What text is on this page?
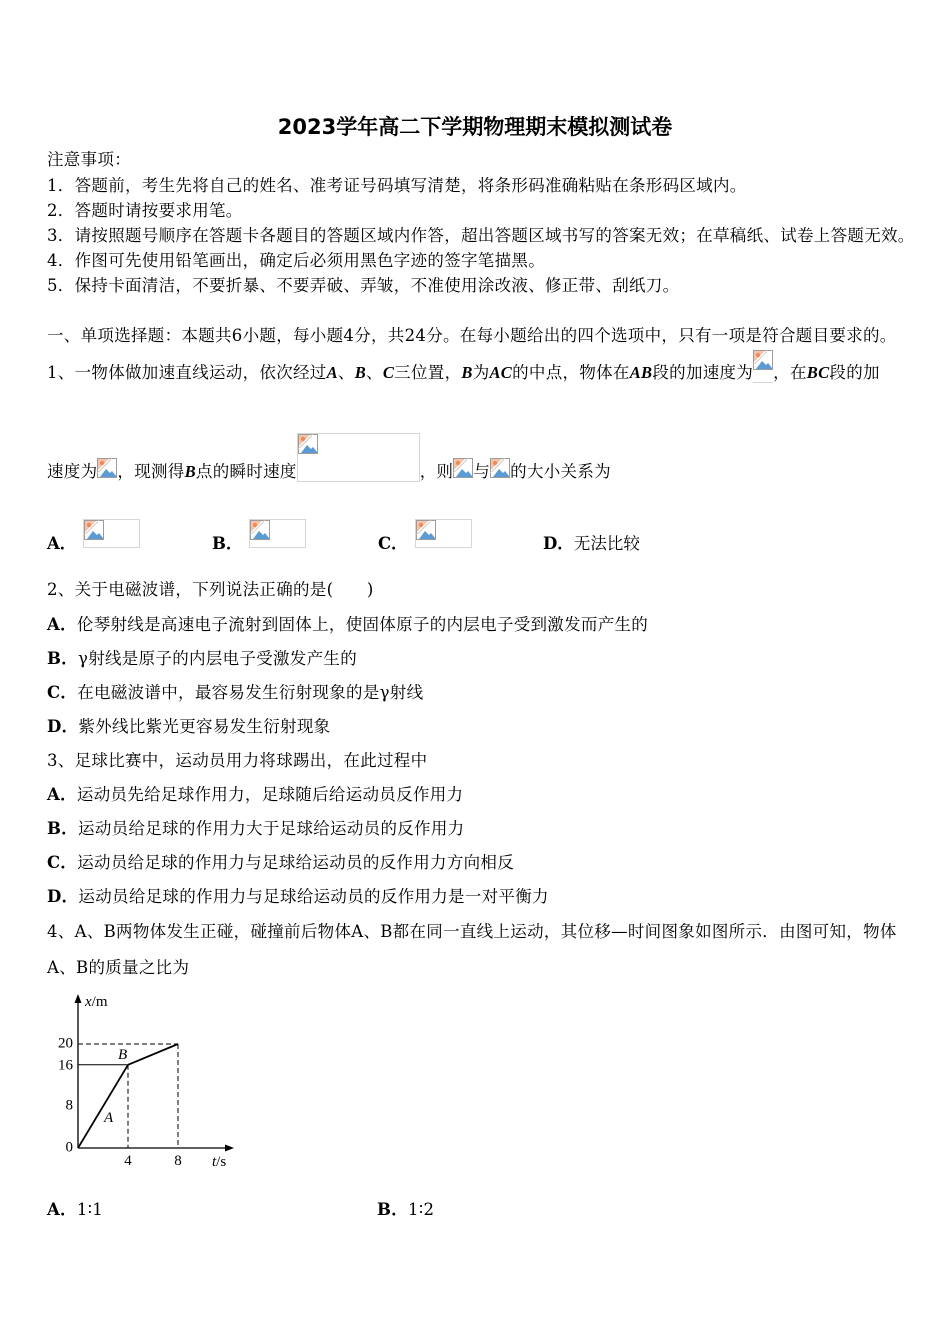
2023学年高二下学期物理期末模拟测试卷
注意事项：
1．答题前，考生先将自己的姓名、准考证号码填写清楚，将条形码准确粘贴在条形码区域内。
2．答题时请按要求用笔。
3．请按照题号顺序在答题卡各题目的答题区域内作答，超出答题区域书写的答案无效；在草稿纸、试卷上答题无效。
4．作图可先使用铅笔画出，确定后必须用黑色字迹的签字笔描黑。
5．保持卡面清洁，不要折暴、不要弄破、弄皱，不准使用涂改液、修正带、刮纸刀。
一、单项选择题：本题共6小题，每小题4分，共24分。在每小题给出的四个选项中，只有一项是符合题目要求的。
1、一物体做加速直线运动，依次经过 A 、 B 、 C 三位置， B 为 AC 的中点，物体在 AB 段的加速度为 ，在 BC 段的加
速度为 ，现测得 B 点的瞬时速度	，则 与 的大小关系为
A．	B．	C．	D． 无法比较
2、关于电磁波谱，下列说法正确的是(　　)
A．伦琴射线是高速电子流射到固体上，使固体原子的内层电子受到激发而产生的
B．γ射线是原子的内层电子受激发产生的
C．在电磁波谱中，最容易发生衍射现象的是γ射线
D．紫外线比紫光更容易发生衍射现象
3、足球比赛中，运动员用力将球踢出，在此过程中
A．运动员先给足球作用力，足球随后给运动员反作用力
B．运动员给足球的作用力大于足球给运动员的反作用力
C．运动员给足球的作用力与足球给运动员的反作用力方向相反
D．运动员给足球的作用力与足球给运动员的反作用力是一对平衡力
4、A、B两物体发生正碰，碰撞前后物体A、B都在同一直线上运动，其位移—时间图象如图所示．由图可知，物体
A、B的质量之比为
20
16
8
0
4	8
x/m
t/s
A
B
A．1∶1	B．1∶2
